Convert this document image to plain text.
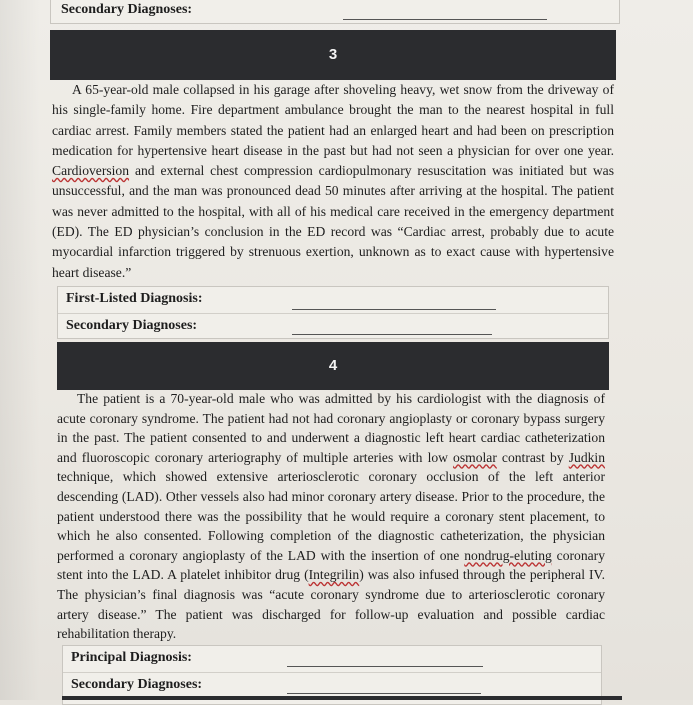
Secondary Diagnoses:
3

A 65-year-old male collapsed in his garage after shoveling heavy, wet snow from the driveway of his single-family home. Fire department ambulance brought the man to the nearest hospital in full cardiac arrest. Family members stated the patient had an enlarged heart and had been on prescription medication for hypertensive heart disease in the past but had not seen a physician for over one year. Cardioversion and external chest compression cardiopulmonary resuscitation was initiated but was unsuccessful, and the man was pronounced dead 50 minutes after arriving at the hospital. The patient was never admitted to the hospital, with all of his medical care received in the emergency department (ED). The ED physician’s conclusion in the ED record was “Cardiac arrest, probably due to acute myocardial infarction triggered by strenuous exertion, unknown as to exact cause with hypertensive heart disease.”

First-Listed Diagnosis:
Secondary Diagnoses:
4

The patient is a 70-year-old male who was admitted by his cardiologist with the diagnosis of acute coronary syndrome. The patient had not had coronary angioplasty or coronary bypass surgery in the past. The patient consented to and underwent a diagnostic left heart cardiac catheterization and fluoroscopic coronary arteriography of multiple arteries with low osmolar contrast by Judkin technique, which showed extensive arteriosclerotic coronary occlusion of the left anterior descending (LAD). Other vessels also had minor coronary artery disease. Prior to the procedure, the patient understood there was the possibility that he would require a coronary stent placement, to which he also consented. Following completion of the diagnostic catheterization, the physician performed a coronary angioplasty of the LAD with the insertion of one nondrug-eluting coronary stent into the LAD. A platelet inhibitor drug (Integrilin) was also infused through the peripheral IV. The physician’s final diagnosis was “acute coronary syndrome due to arteriosclerotic coronary artery disease.” The patient was discharged for follow-up evaluation and possible cardiac rehabilitation therapy.

Principal Diagnosis:
Secondary Diagnoses:
